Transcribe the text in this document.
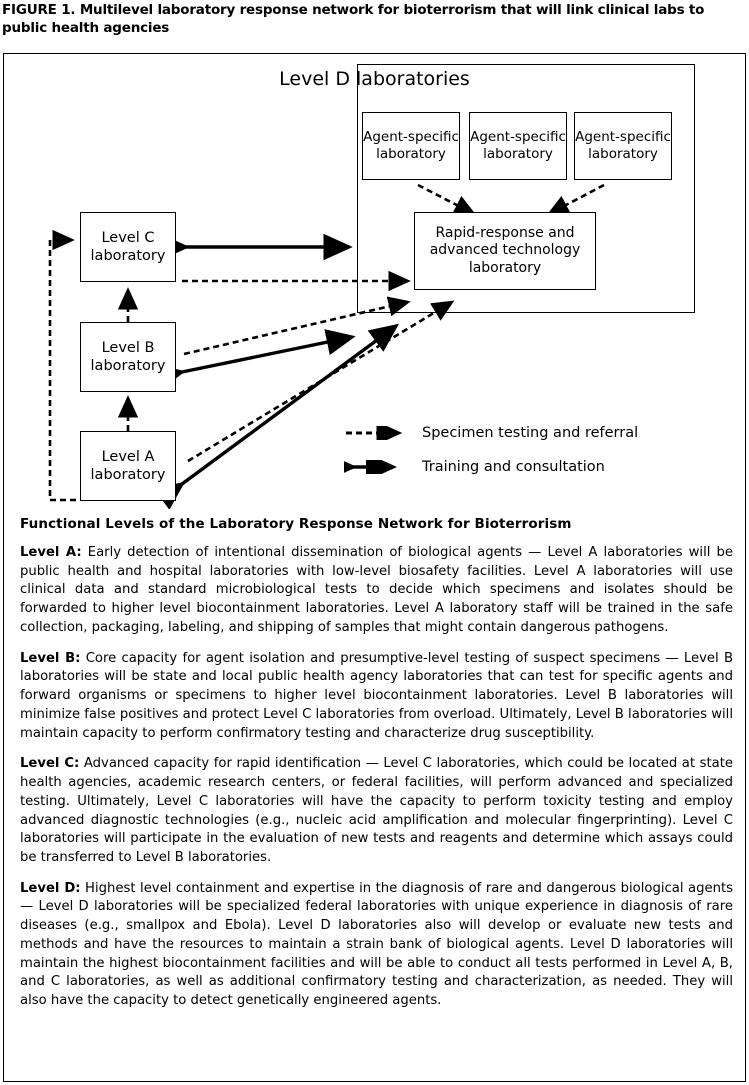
FIGURE 1. Multilevel laboratory response network for bioterrorism that will link clinical labs to public health agencies
Level D laboratories
Agent-specific laboratory
Agent-specific laboratory
Agent-specific laboratory
Rapid-response and advanced technology laboratory
Level C laboratory
Level B laboratory
Level A laboratory
Specimen testing and referral
Training and consultation
Functional Levels of the Laboratory Response Network for Bioterrorism
Level A: Early detection of intentional dissemination of biological agents — Level A laboratories will be public health and hospital laboratories with low-level biosafety facilities. Level A laboratories will use clinical data and standard microbiological tests to decide which specimens and isolates should be forwarded to higher level biocontainment laboratories. Level A laboratory staff will be trained in the safe collection, packaging, labeling, and shipping of samples that might contain dangerous pathogens.
Level B: Core capacity for agent isolation and presumptive-level testing of suspect specimens — Level B laboratories will be state and local public health agency laboratories that can test for specific agents and forward organisms or specimens to higher level biocontainment laboratories. Level B laboratories will minimize false positives and protect Level C laboratories from overload. Ultimately, Level B laboratories will maintain capacity to perform confirmatory testing and characterize drug susceptibility.
Level C: Advanced capacity for rapid identification — Level C laboratories, which could be located at state health agencies, academic research centers, or federal facilities, will perform advanced and specialized testing. Ultimately, Level C laboratories will have the capacity to perform toxicity testing and employ advanced diagnostic technologies (e.g., nucleic acid amplification and molecular fingerprinting). Level C laboratories will participate in the evaluation of new tests and reagents and determine which assays could be transferred to Level B laboratories.
Level D: Highest level containment and expertise in the diagnosis of rare and dangerous biological agents — Level D laboratories will be specialized federal laboratories with unique experience in diagnosis of rare diseases (e.g., smallpox and Ebola). Level D laboratories also will develop or evaluate new tests and methods and have the resources to maintain a strain bank of biological agents. Level D laboratories will maintain the highest biocontainment facilities and will be able to conduct all tests performed in Level A, B, and C laboratories, as well as additional confirmatory testing and characterization, as needed. They will also have the capacity to detect genetically engineered agents.
